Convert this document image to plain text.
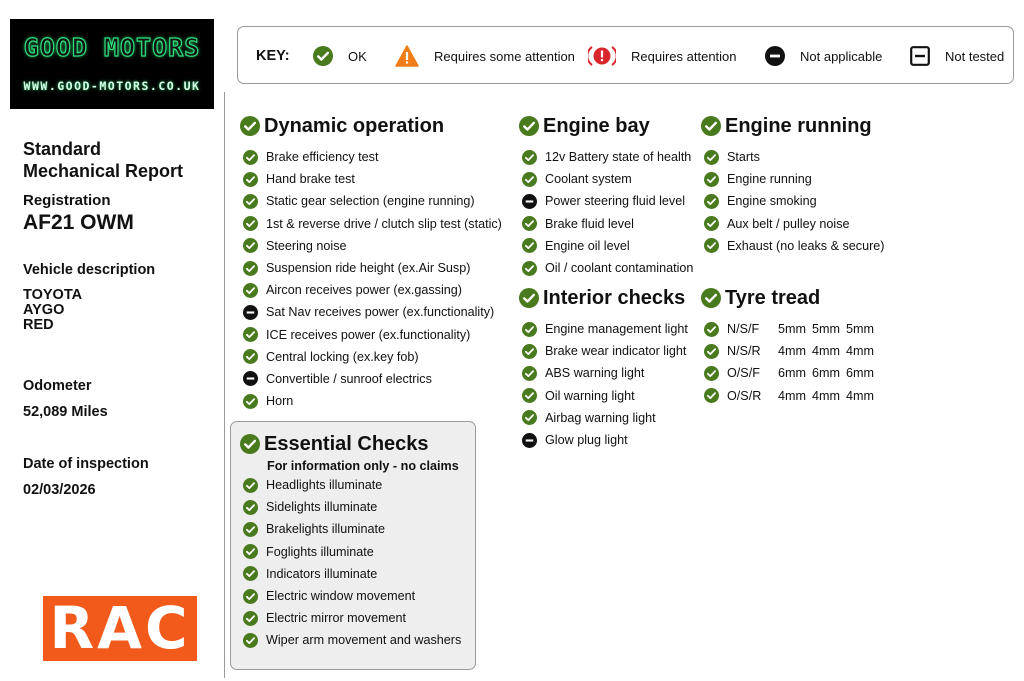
GOOD MOTORS
WWW.GOOD-MOTORS.CO.UK
Standard
Mechanical Report
Registration
AF21 OWM
Vehicle description
TOYOTA
AYGO
RED
Odometer
52,089 Miles
Date of inspection
02/03/2026
RAC
KEY:	OK	Requires some attention	Requires attention	Not applicable	Not tested
Dynamic operation
Brake efficiency test
Hand brake test
Static gear selection (engine running)
1st & reverse drive / clutch slip test (static)
Steering noise
Suspension ride height (ex.Air Susp)
Aircon receives power (ex.gassing)
Sat Nav receives power (ex.functionality)
ICE receives power (ex.functionality)
Central locking (ex.key fob)
Convertible / sunroof electrics
Horn
Essential Checks
For information only - no claims
Headlights illuminate
Sidelights illuminate
Brakelights illuminate
Foglights illuminate
Indicators illuminate
Electric window movement
Electric mirror movement
Wiper arm movement and washers
Engine bay
12v Battery state of health
Coolant system
Power steering fluid level
Brake fluid level
Engine oil level
Oil / coolant contamination
Interior checks
Engine management light
Brake wear indicator light
ABS warning light
Oil warning light
Airbag warning light
Glow plug light
Engine running
Starts
Engine running
Engine smoking
Aux belt / pulley noise
Exhaust (no leaks & secure)
Tyre tread
N/S/F	5mm 5mm 5mm
N/S/R	4mm 4mm 4mm
O/S/F	6mm 6mm 6mm
O/S/R	4mm 4mm 4mm
